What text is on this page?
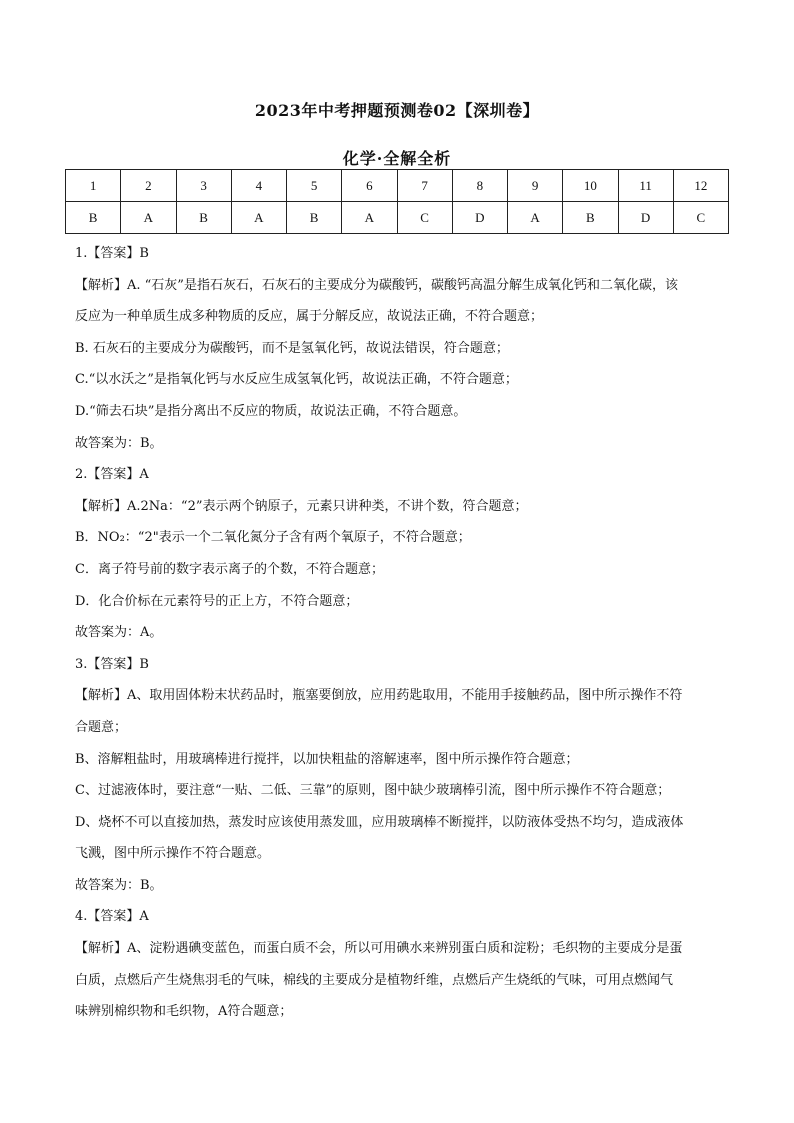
2023年中考押题预测卷02【深圳卷】
化学·全解全析
1	2	3	4	5	6	7	8	9	10	11	12
B	A	B	A	B	A	C	D	A	B	D	C
1.【答案】B
【解析】A. “石灰”是指石灰石，石灰石的主要成分为碳酸钙，碳酸钙高温分解生成氧化钙和二氧化碳，该
反应为一种单质生成多种物质的反应，属于分解反应，故说法正确，不符合题意；
B. 石灰石的主要成分为碳酸钙，而不是氢氧化钙，故说法错误，符合题意；
C.“以水沃之”是指氧化钙与水反应生成氢氧化钙，故说法正确，不符合题意；
D.“筛去石块”是指分离出不反应的物质，故说法正确，不符合题意。
故答案为：B。
2.【答案】A
【解析】A.2Na：“2”表示两个钠原子，元素只讲种类，不讲个数，符合题意；
B．NO₂：“2"表示一个二氧化氮分子含有两个氧原子，不符合题意；
C．离子符号前的数字表示离子的个数，不符合题意；
D．化合价标在元素符号的正上方，不符合题意；
故答案为：A。
3.【答案】B
【解析】A、取用固体粉末状药品时，瓶塞要倒放，应用药匙取用，不能用手接触药品，图中所示操作不符
合题意；
B、溶解粗盐时，用玻璃棒进行搅拌，以加快粗盐的溶解速率，图中所示操作符合题意；
C、过滤液体时，要注意“一贴、二低、三靠”的原则，图中缺少玻璃棒引流，图中所示操作不符合题意；
D、烧杯不可以直接加热，蒸发时应该使用蒸发皿，应用玻璃棒不断搅拌，以防液体受热不均匀，造成液体
飞溅，图中所示操作不符合题意。
故答案为：B。
4.【答案】A
【解析】A、淀粉遇碘变蓝色，而蛋白质不会，所以可用碘水来辨别蛋白质和淀粉；毛织物的主要成分是蛋
白质，点燃后产生烧焦羽毛的气味，棉线的主要成分是植物纤维，点燃后产生烧纸的气味，可用点燃闻气
味辨别棉织物和毛织物，A符合题意；
